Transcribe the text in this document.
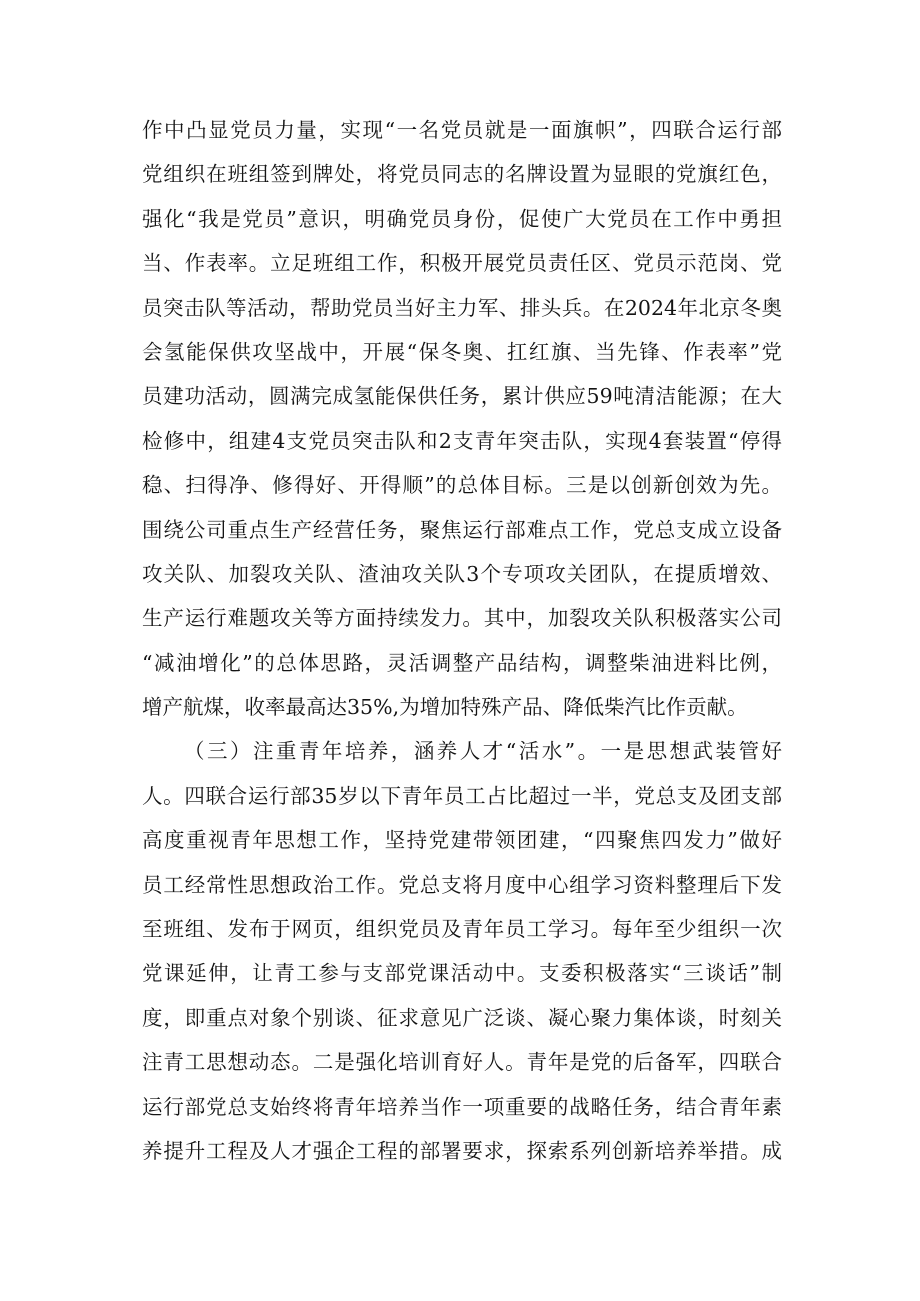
作中凸显党员力量，实现“一名党员就是一面旗帜”，四联合运行部
党组织在班组签到牌处，将党员同志的名牌设置为显眼的党旗红色，
强化“我是党员”意识，明确党员身份，促使广大党员在工作中勇担
当、作表率。立足班组工作，积极开展党员责任区、党员示范岗、党
员突击队等活动，帮助党员当好主力军、排头兵。在2024年北京冬奥
会氢能保供攻坚战中，开展“保冬奥、扛红旗、当先锋、作表率”党
员建功活动，圆满完成氢能保供任务，累计供应59吨清洁能源；在大
检修中，组建4支党员突击队和2支青年突击队，实现4套装置“停得
稳、扫得净、修得好、开得顺”的总体目标。三是以创新创效为先。
围绕公司重点生产经营任务，聚焦运行部难点工作，党总支成立设备
攻关队、加裂攻关队、渣油攻关队3个专项攻关团队，在提质增效、
生产运行难题攻关等方面持续发力。其中，加裂攻关队积极落实公司
“减油增化”的总体思路，灵活调整产品结构，调整柴油进料比例，
增产航煤，收率最高达35%,为增加特殊产品、降低柴汽比作贡献。
（三）注重青年培养，涵养人才“活水”。一是思想武装管好
人。四联合运行部35岁以下青年员工占比超过一半，党总支及团支部
高度重视青年思想工作，坚持党建带领团建，“四聚焦四发力”做好
员工经常性思想政治工作。党总支将月度中心组学习资料整理后下发
至班组、发布于网页，组织党员及青年员工学习。每年至少组织一次
党课延伸，让青工参与支部党课活动中。支委积极落实“三谈话”制
度，即重点对象个别谈、征求意见广泛谈、凝心聚力集体谈，时刻关
注青工思想动态。二是强化培训育好人。青年是党的后备军，四联合
运行部党总支始终将青年培养当作一项重要的战略任务，结合青年素
养提升工程及人才强企工程的部署要求，探索系列创新培养举措。成
